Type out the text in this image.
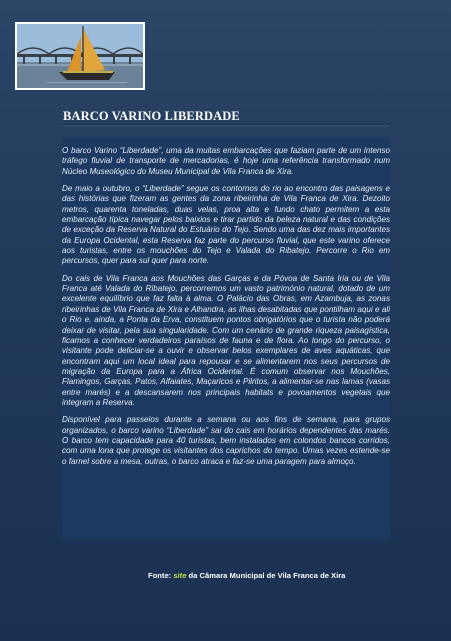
BARCO VARINO LIBERDADE

O barco Varino “Liberdade”, uma da muitas embarcações que faziam parte de um intenso tráfego fluvial de transporte de mercadorias, é hoje uma referência transformado num Núcleo Museológico do Museu Municipal de Vila Franca de Xira.

De maio a outubro, o “Liberdade” segue os contornos do rio ao encontro das paisagens e das histórias que fizeram as gentes da zona ribeirinha de Vila Franca de Xira. Dezoito metros, quarenta toneladas, duas velas, proa alta e fundo chato permitem a esta embarcação típica navegar pelos baixios e tirar partido da beleza natural e das condições de exceção da Reserva Natural do Estuário do Tejo. Sendo uma das dez mais importantes da Europa Ocidental, esta Reserva faz parte do percurso fluvial, que este varino oferece aos turistas, entre os mouchões do Tejo e Valada do Ribatejo. Percorre o Rio em percursos, quer para sul quer para norte.

Do cais de Vila Franca aos Mouchões das Garças e da Póvoa de Santa Iria ou de Vila Franca até Valada do Ribatejo, percorremos um vasto património natural, dotado de um excelente equilíbrio que faz falta à alma. O Palácio das Obras, em Azambuja, as zonas ribeirinhas de Vila Franca de Xira e Alhandra, as ilhas desabitadas que pontilham aqui e ali o Rio e, ainda, a Ponta da Erva, constituem pontos obrigatórios que o turista não poderá deixar de visitar, pela sua singularidade. Com um cenário de grande riqueza paisagística, ficamos a conhecer verdadeiros paraísos de fauna e de flora. Ao longo do percurso, o visitante pode deliciar-se a ouvir e observar belos exemplares de aves aquáticas, que encontram aqui um local ideal para repousar e se alimentarem nos seus percursos de migração da Europa para a África Ocidental. É comum observar nos Mouchões, Flamingos, Garças, Patos, Alfaiates, Maçaricos e Pilritos, a alimentar-se nas lamas (vasas entre marés) e a descansarem nos principais habitats e povoamentos vegetais que integram a Reserva.

Disponível para passeios durante a semana ou aos fins de semana, para grupos organizados, o barco varino “Liberdade” sai do cais em horários dependentes das marés. O barco tem capacidade para 40 turistas, bem instalados em colondos bancos corridos, com uma lona que protege os visitantes dos caprichos do tempo. Umas vezes estende-se o farnel sobre a mesa, outras, o barco atraca e faz-se uma paragem para almoço.

Fonte: site da Câmara Municipal de Vila Franca de Xira
